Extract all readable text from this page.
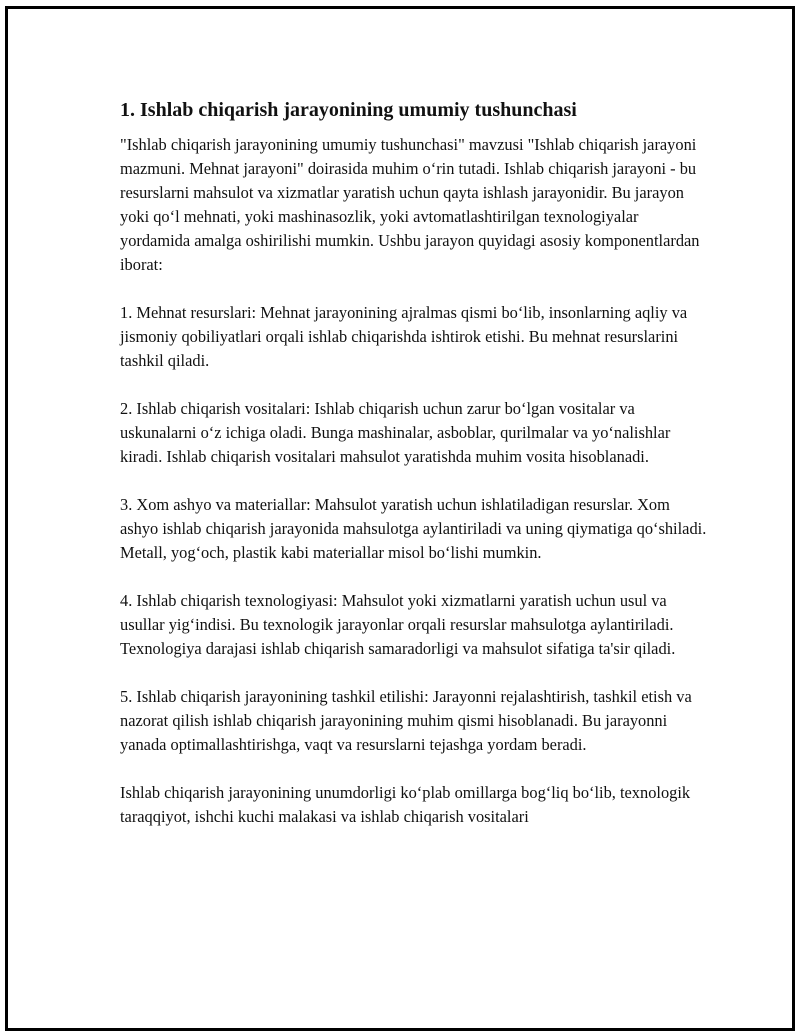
1. Ishlab chiqarish jarayonining umumiy tushunchasi

"Ishlab chiqarish jarayonining umumiy tushunchasi" mavzusi "Ishlab chiqarish jarayoni mazmuni. Mehnat jarayoni" doirasida muhim o‘rin tutadi. Ishlab chiqarish jarayoni - bu resurslarni mahsulot va xizmatlar yaratish uchun qayta ishlash jarayonidir. Bu jarayon yoki qo‘l mehnati, yoki mashinasozlik, yoki avtomatlashtirilgan texnologiyalar yordamida amalga oshirilishi mumkin. Ushbu jarayon quyidagi asosiy komponentlardan iborat:

1. Mehnat resurslari: Mehnat jarayonining ajralmas qismi bo‘lib, insonlarning aqliy va jismoniy qobiliyatlari orqali ishlab chiqarishda ishtirok etishi. Bu mehnat resurslarini tashkil qiladi.

2. Ishlab chiqarish vositalari: Ishlab chiqarish uchun zarur bo‘lgan vositalar va uskunalarni o‘z ichiga oladi. Bunga mashinalar, asboblar, qurilmalar va yo‘nalishlar kiradi. Ishlab chiqarish vositalari mahsulot yaratishda muhim vosita hisoblanadi.

3. Xom ashyo va materiallar: Mahsulot yaratish uchun ishlatiladigan resurslar. Xom ashyo ishlab chiqarish jarayonida mahsulotga aylantiriladi va uning qiymatiga qo‘shiladi. Metall, yog‘och, plastik kabi materiallar misol bo‘lishi mumkin.

4. Ishlab chiqarish texnologiyasi: Mahsulot yoki xizmatlarni yaratish uchun usul va usullar yig‘indisi. Bu texnologik jarayonlar orqali resurslar mahsulotga aylantiriladi. Texnologiya darajasi ishlab chiqarish samaradorligi va mahsulot sifatiga ta'sir qiladi.

5. Ishlab chiqarish jarayonining tashkil etilishi: Jarayonni rejalashtirish, tashkil etish va nazorat qilish ishlab chiqarish jarayonining muhim qismi hisoblanadi. Bu jarayonni yanada optimallashtirishga, vaqt va resurslarni tejashga yordam beradi.

Ishlab chiqarish jarayonining unumdorligi ko‘plab omillarga bog‘liq bo‘lib, texnologik taraqqiyot, ishchi kuchi malakasi va ishlab chiqarish vositalari
